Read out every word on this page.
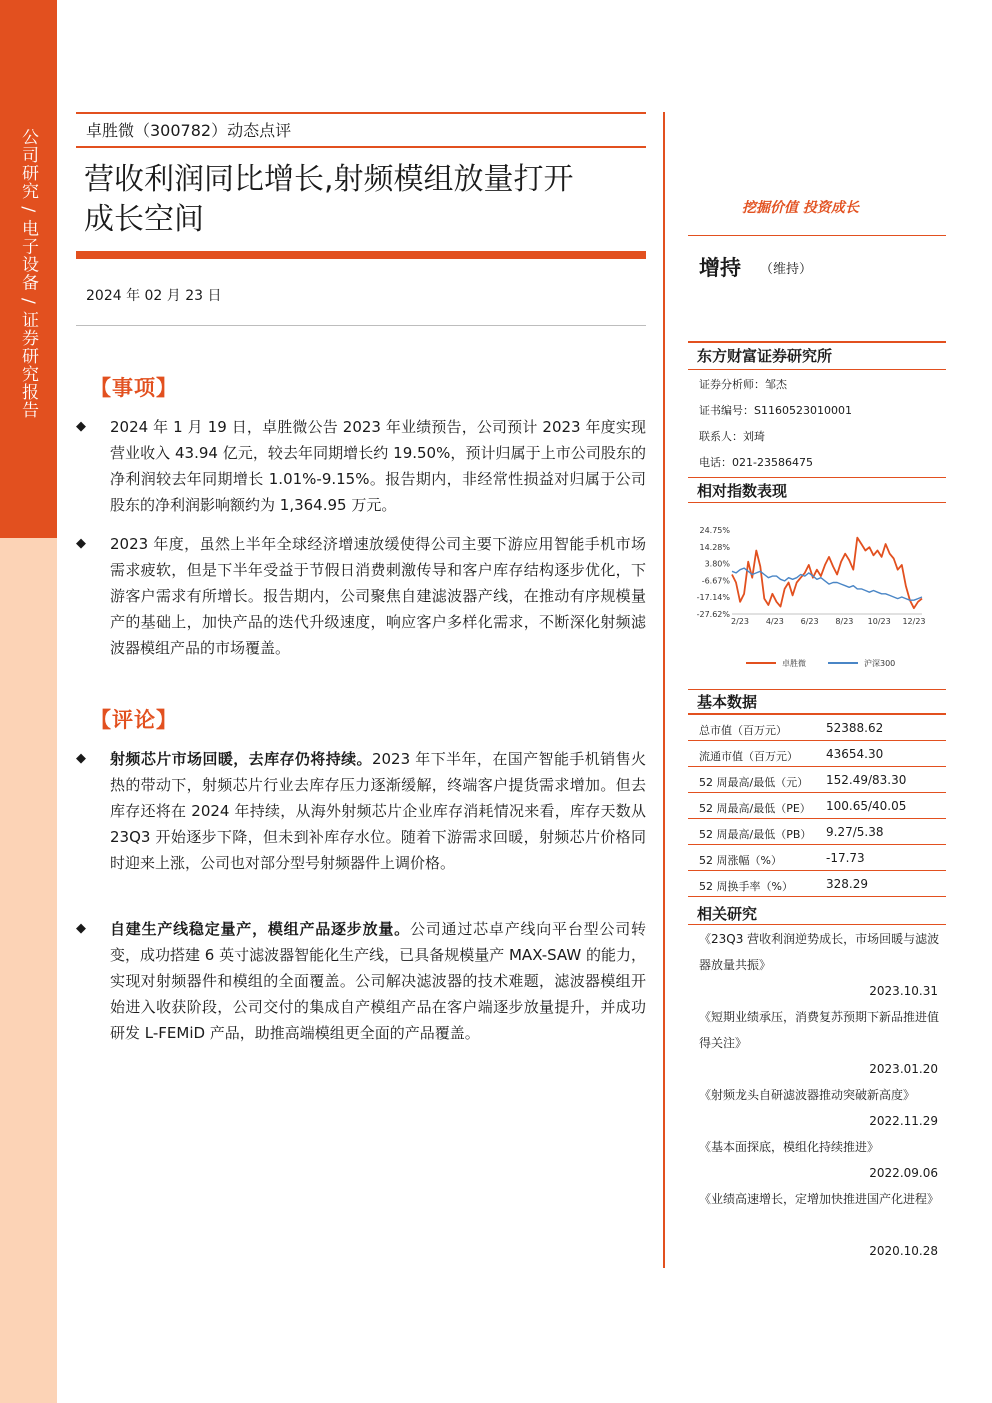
公司研究 / 电子设备 / 证券研究报告	卓胜微（300782）动态点评
营收利润同比增长,射频模组放量打开
成长空间
2024 年 02 月 23 日
【事项】
◆ 2024 年 1 月 19 日，卓胜微公告 2023 年业绩预告，公司预计 2023 年度实现营业收入 43.94 亿元，较去年同期增长约 19.50%，预计归属于上市公司股东的净利润较去年同期增长 1.01%-9.15%。报告期内，非经常性损益对归属于公司股东的净利润影响额约为 1,364.95 万元。
◆ 2023 年度，虽然上半年全球经济增速放缓使得公司主要下游应用智能手机市场需求疲软，但是下半年受益于节假日消费刺激传导和客户库存结构逐步优化，下游客户需求有所增长。报告期内，公司聚焦自建滤波器产线，在推动有序规模量产的基础上，加快产品的迭代升级速度，响应客户多样化需求，不断深化射频滤波器模组产品的市场覆盖。
【评论】
◆ 射频芯片市场回暖，去库存仍将持续。2023 年下半年，在国产智能手机销售火热的带动下，射频芯片行业去库存压力逐渐缓解，终端客户提货需求增加。但去库存还将在 2024 年持续，从海外射频芯片企业库存消耗情况来看，库存天数从 23Q3 开始逐步下降，但未到补库存水位。随着下游需求回暖，射频芯片价格同时迎来上涨，公司也对部分型号射频器件上调价格。
◆ 自建生产线稳定量产，模组产品逐步放量。公司通过芯卓产线向平台型公司转变，成功搭建 6 英寸滤波器智能化生产线，已具备规模量产 MAX-SAW 的能力，实现对射频器件和模组的全面覆盖。公司解决滤波器的技术难题，滤波器模组开始进入收获阶段，公司交付的集成自产模组产品在客户端逐步放量提升，并成功研发 L-FEMiD 产品，助推高端模组更全面的产品覆盖。
挖掘价值 投资成长
增持 （维持）
东方财富证券研究所
证券分析师：邹杰
证书编号：S1160523010001
联系人：刘琦
电话：021-23586475
相对指数表现
24.75%
14.28%
3.80%
-6.67%
-17.14%
-27.62%
2/23 4/23 6/23 8/23 10/23 12/23
卓胜微	沪深300
基本数据
总市值（百万元）	52388.62
流通市值（百万元） 43654.30
52 周最高/最低（元） 152.49/83.30
52 周最高/最低（PE） 100.65/40.05
52 周最高/最低（PB） 9.27/5.38
52 周涨幅（%）	-17.73
52 周换手率（%）	328.29
相关研究
《23Q3 营收利润逆势成长，市场回暖与滤波器放量共振》
2023.10.31
《短期业绩承压，消费复苏预期下新品推进值得关注》
2023.01.20
《射频龙头自研滤波器推动突破新高度》
2022.11.29
《基本面探底，模组化持续推进》
2022.09.06
《业绩高速增长，定增加快推进国产化进程》
2020.10.28
